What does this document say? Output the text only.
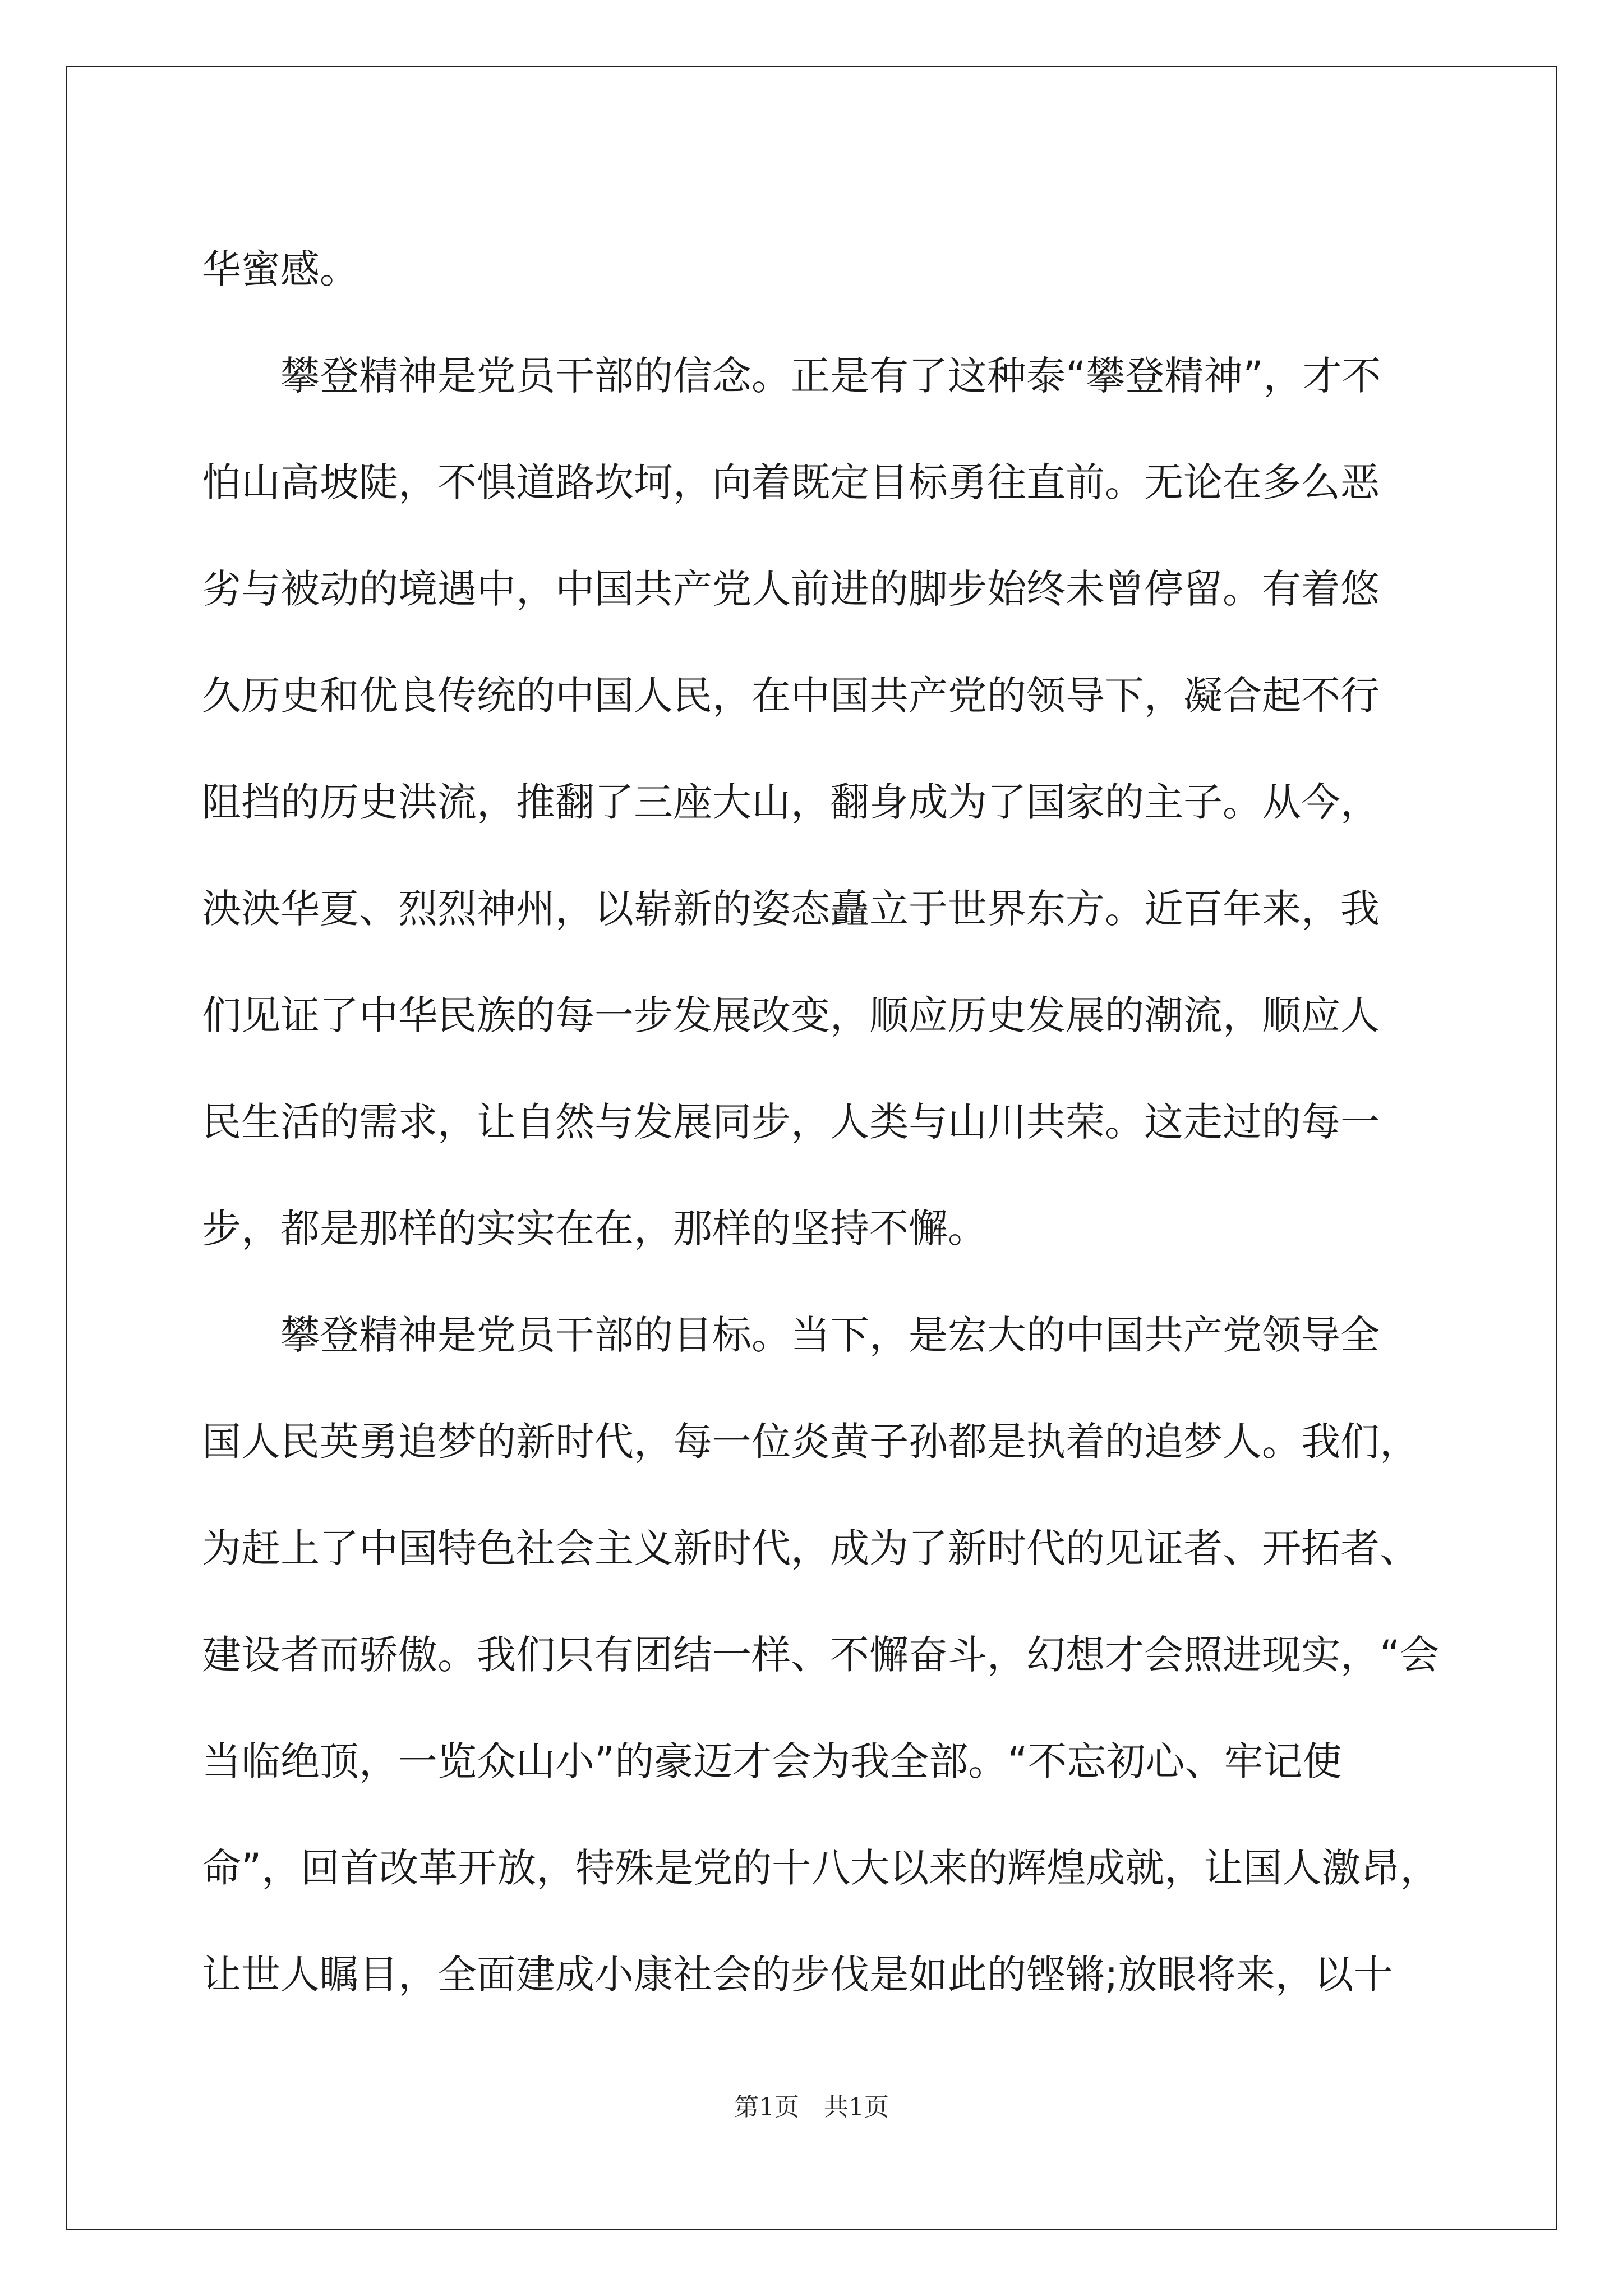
华蜜感。
攀登精神是党员干部的信念。正是有了这种泰“攀登精神”，才不
怕山高坡陡，不惧道路坎坷，向着既定目标勇往直前。无论在多么恶
劣与被动的境遇中，中国共产党人前进的脚步始终未曾停留。有着悠
久历史和优良传统的中国人民，在中国共产党的领导下，凝合起不行
阻挡的历史洪流，推翻了三座大山，翻身成为了国家的主子。从今，
泱泱华夏、烈烈神州，以崭新的姿态矗立于世界东方。近百年来，我
们见证了中华民族的每一步发展改变，顺应历史发展的潮流，顺应人
民生活的需求，让自然与发展同步，人类与山川共荣。这走过的每一
步，都是那样的实实在在，那样的坚持不懈。
攀登精神是党员干部的目标。当下，是宏大的中国共产党领导全
国人民英勇追梦的新时代，每一位炎黄子孙都是执着的追梦人。我们，
为赶上了中国特色社会主义新时代，成为了新时代的见证者、开拓者、
建设者而骄傲。我们只有团结一样、不懈奋斗，幻想才会照进现实，“会
当临绝顶，一览众山小”的豪迈才会为我全部。“不忘初心、牢记使
命”，回首改革开放，特殊是党的十八大以来的辉煌成就，让国人激昂，
让世人瞩目，全面建成小康社会的步伐是如此的铿锵;放眼将来，以十
第1页　共1页
